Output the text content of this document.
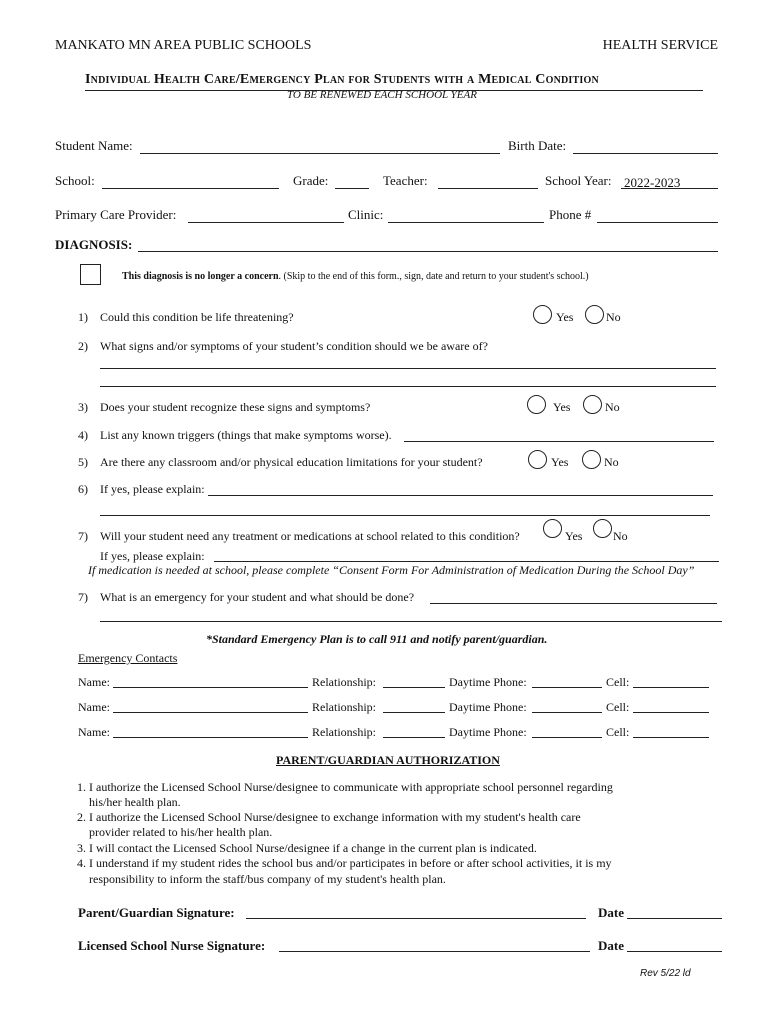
MANKATO MN AREA PUBLIC SCHOOLS	HEALTH SERVICE
Individual Health Care/Emergency Plan for Students with a Medical Condition
TO BE RENEWED EACH SCHOOL YEAR
Student Name:	Birth Date:
School:	Grade:	Teacher:	School Year: 2022-2023
Primary Care Provider:	Clinic:	Phone #
DIAGNOSIS:
This diagnosis is no longer a concern. (Skip to the end of this form., sign, date and return to your student's school.)
1) Could this condition be life threatening?	Yes	No
2) What signs and/or symptoms of your student’s condition should we be aware of?
3) Does your student recognize these signs and symptoms?	Yes	No
4) List any known triggers (things that make symptoms worse).
5) Are there any classroom and/or physical education limitations for your student?	Yes	No
6) If yes, please explain:
7) Will your student need any treatment or medications at school related to this condition?	Yes	No
If yes, please explain:
If medication is needed at school, please complete “Consent Form For Administration of Medication During the School Day”
7) What is an emergency for your student and what should be done?
*Standard Emergency Plan is to call 911 and notify parent/guardian.
Emergency Contacts
Name:	Relationship:	Daytime Phone:	Cell:
Name:	Relationship:	Daytime Phone:	Cell:
Name:	Relationship:	Daytime Phone:	Cell:
PARENT/GUARDIAN AUTHORIZATION
1. I authorize the Licensed School Nurse/designee to communicate with appropriate school personnel regarding
his/her health plan.
2. I authorize the Licensed School Nurse/designee to exchange information with my student's health care
provider related to his/her health plan.
3. I will contact the Licensed School Nurse/designee if a change in the current plan is indicated.
4. I understand if my student rides the school bus and/or participates in before or after school activities, it is my
responsibility to inform the staff/bus company of my student's health plan.
Parent/Guardian Signature:	Date
Licensed School Nurse Signature:	Date
Rev 5/22 ld
